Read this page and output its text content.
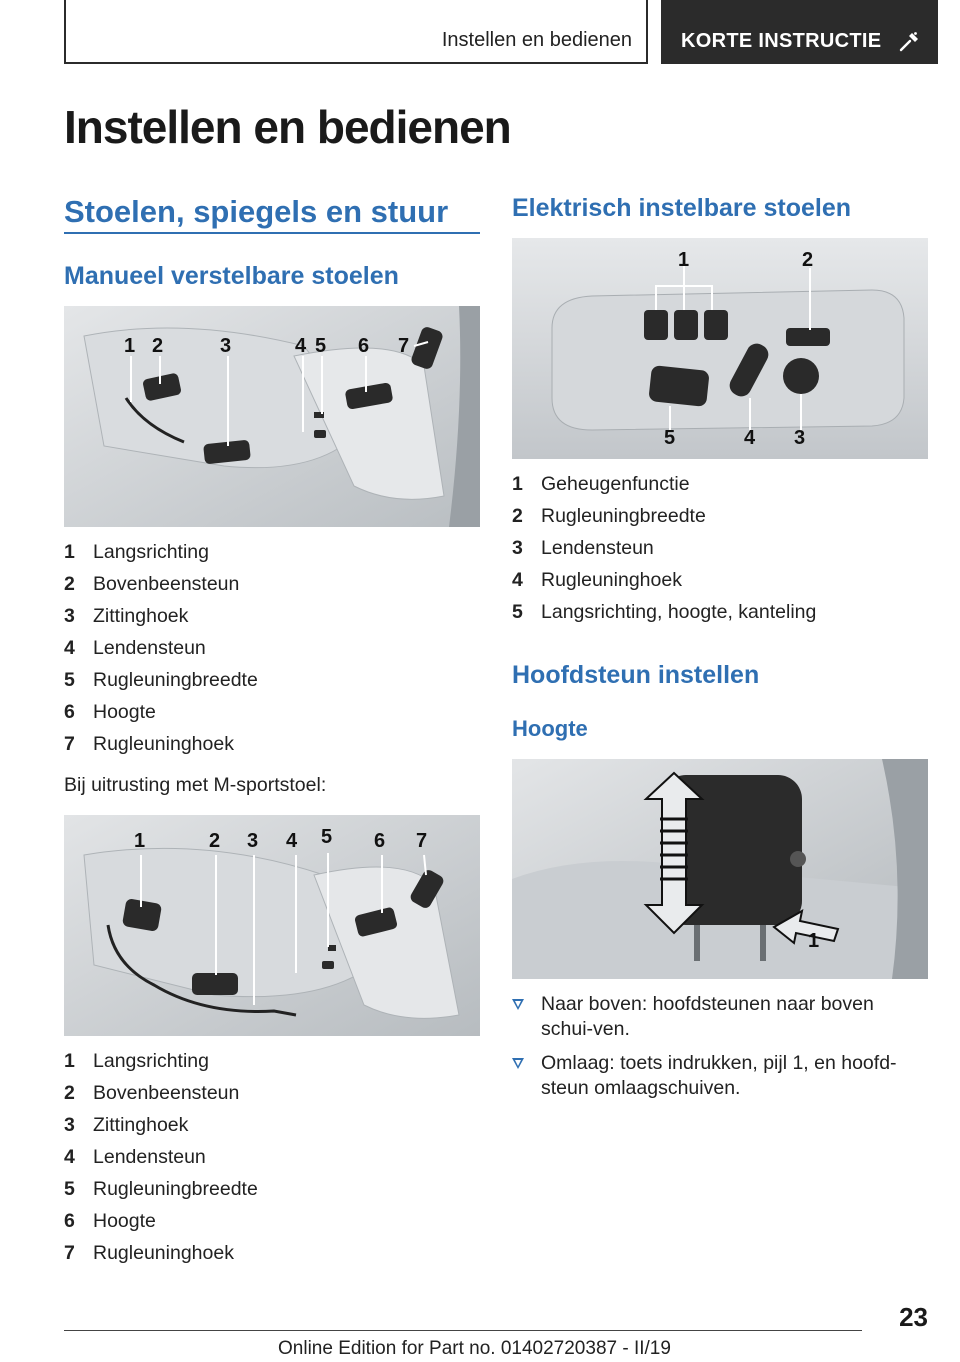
Instellen en bedienen KORTE INSTRUCTIE
Instellen en bedienen
Stoelen, spiegels en stuur
Manueel verstelbare stoelen
1 2	3	4 5 6 7
1 Langsrichting
2 Bovenbeensteun
3 Zittinghoek
4 Lendensteun
5 Rugleuningbreedte
6 Hoogte
7 Rugleuninghoek

Bij uitrusting met M-sportstoel:

1	2 3 4 5 6 7
1 Langsrichting
2 Bovenbeensteun
3 Zittinghoek
4 Lendensteun
5 Rugleuningbreedte
6 Hoogte
7 Rugleuninghoek
Elektrisch instelbare stoelen
1	2
5	4 3
1 Geheugenfunctie
2 Rugleuningbreedte
3 Lendensteun
4 Rugleuninghoek
5 Langsrichting, hoogte, kanteling
Hoofdsteun instellen
Hoogte
1
Naar boven: hoofdsteunen naar boven schui-ven.
Omlaag: toets indrukken, pijl 1, en hoofd-steun omlaagschuiven.
23
Online Edition for Part no. 01402720387 - II/19
